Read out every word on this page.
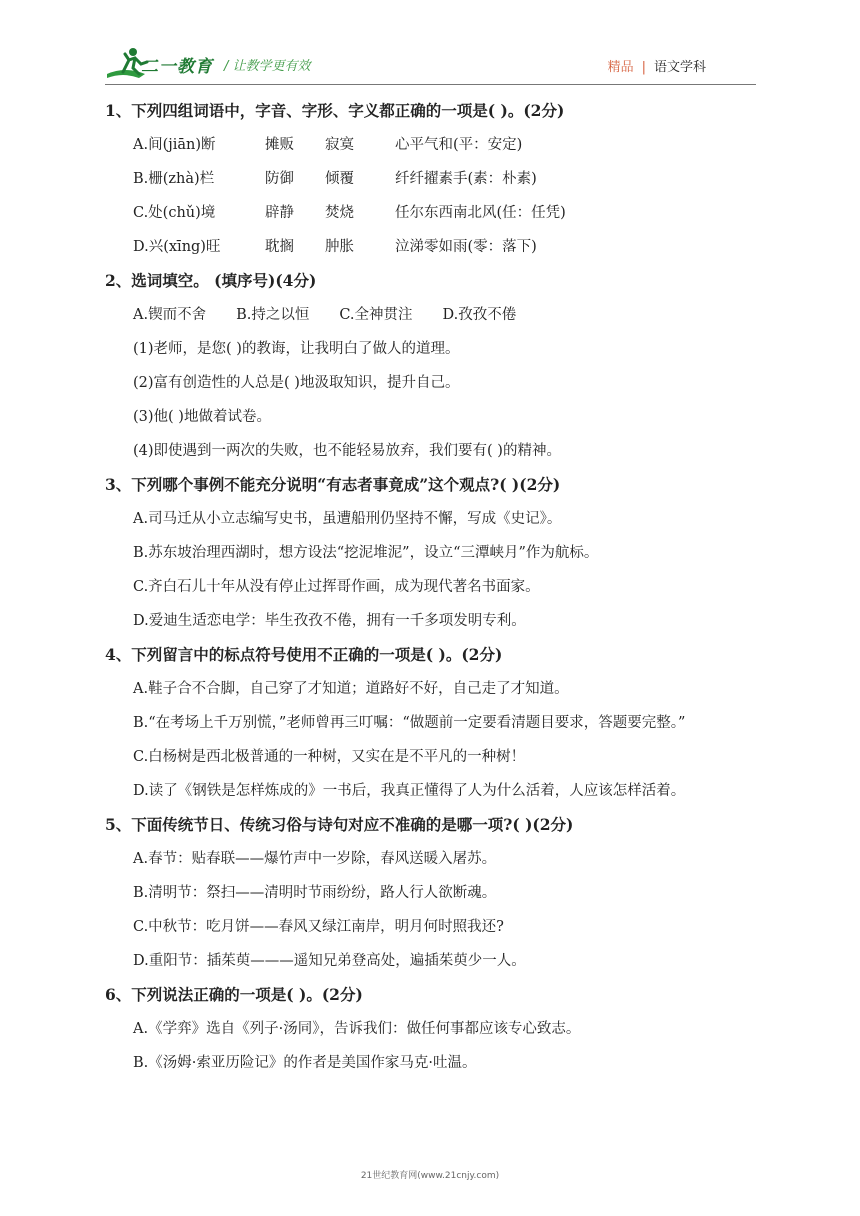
二一教育 / 让教学更有效	精品 | 语文学科
1、下列四组词语中，字音、字形、字义都正确的一项是( )。(2分)
A.间(jiān)断	摊贩 寂寞	心平气和(平：安定)
B.栅(zhà)栏	防御 倾覆	纤纤擢素手(素：朴素)
C.处(chǔ)境	辟静 焚烧	任尔东西南北风(任：任凭)
D.兴(xīng)旺	耽搁 肿胀	泣涕零如雨(零：落下)
2、选词填空。 (填序号)(4分)
A.锲而不舍 B.持之以恒 C.全神贯注 D.孜孜不倦
(1)老师，是您( )的教诲，让我明白了做人的道理。
(2)富有创造性的人总是( )地汲取知识，提升自己。
(3)他( )地做着试卷。
(4)即使遇到一两次的失败，也不能轻易放弃，我们要有( )的精神。
3、下列哪个事例不能充分说明“有志者事竟成”这个观点?( )(2分)
A.司马迁从小立志编写史书，虽遭船刑仍坚持不懈，写成《史记》。
B.苏东坡治理西湖时，想方设法“挖泥堆泥”，设立“三潭峡月”作为航标。
C.齐白石儿十年从没有停止过挥哥作画，成为现代著名书面家。
D.爱迪生适恋电学：毕生孜孜不倦，拥有一千多项发明专利。
4、下列留言中的标点符号使用不正确的一项是( )。(2分)
A.鞋子合不合脚，自己穿了才知道；道路好不好，自己走了才知道。
B.“在考场上千万别慌，”老师曾再三叮嘱：“做题前一定要看清题目要求，答题要完整。”
C.白杨树是西北极普通的一种树，又实在是不平凡的一种树！
D.读了《钢铁是怎样炼成的》一书后，我真正懂得了人为什么活着，人应该怎样活着。
5、下面传统节日、传统习俗与诗句对应不准确的是哪一项?( )(2分)
A.春节：贴春联——爆竹声中一岁除，春风送暖入屠苏。
B.清明节：祭扫——清明时节雨纷纷，路人行人欲断魂。
C.中秋节：吃月饼——春风又绿江南岸，明月何时照我还?
D.重阳节：插茱萸———遥知兄弟登高处，遍插茱萸少一人。
6、下列说法正确的一项是( )。(2分)
A.《学弈》选自《列子·汤同》，告诉我们：做任何事都应该专心致志。
B.《汤姆·索亚历险记》的作者是美国作家马克·吐温。
21世纪教育网(www.21cnjy.com)
